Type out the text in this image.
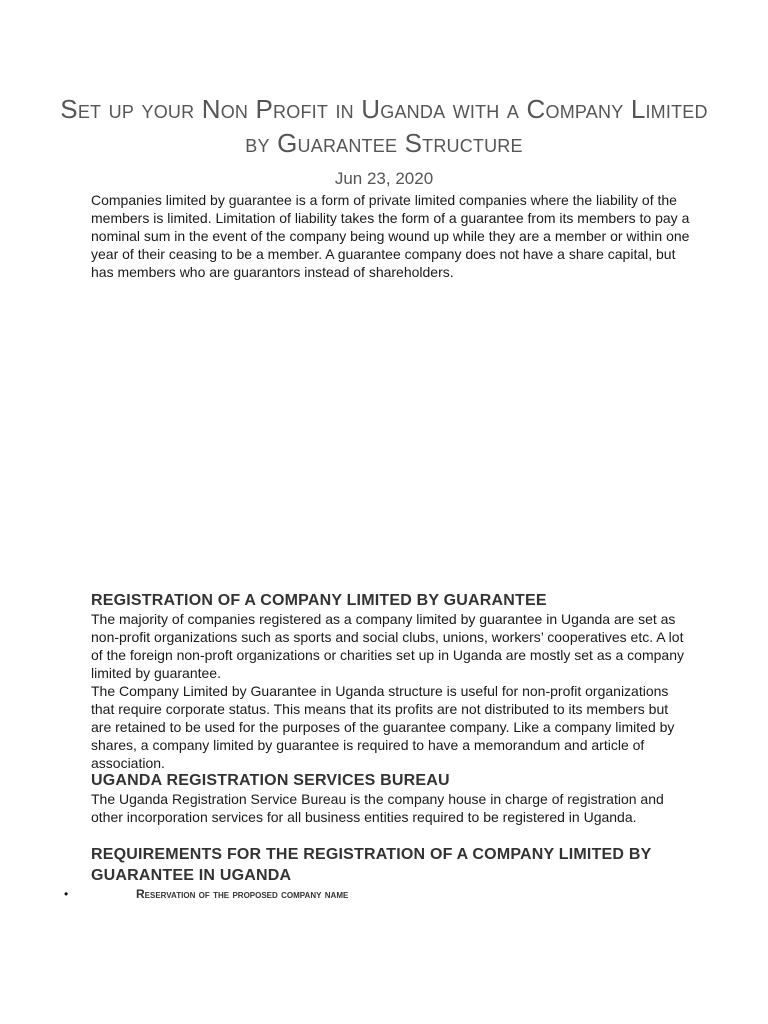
Set up your Non Profit in Uganda with a Company Limited by Guarantee Structure
Jun 23, 2020

Companies limited by guarantee is a form of private limited companies where the liability of the members is limited. Limitation of liability takes the form of a guarantee from its members to pay a nominal sum in the event of the company being wound up while they are a member or within one year of their ceasing to be a member. A guarantee company does not have a share capital, but has members who are guarantors instead of shareholders.

REGISTRATION OF A COMPANY LIMITED BY GUARANTEE

The majority of companies registered as a company limited by guarantee in Uganda are set as non-profit organizations such as sports and social clubs, unions, workers’ cooperatives etc. A lot of the foreign non-proft organizations or charities set up in Uganda are mostly set as a company limited by guarantee.

The Company Limited by Guarantee in Uganda structure is useful for non-profit organizations that require corporate status. This means that its profits are not distributed to its members but are retained to be used for the purposes of the guarantee company. Like a company limited by shares, a company limited by guarantee is required to have a memorandum and article of association.

UGANDA REGISTRATION SERVICES BUREAU

The Uganda Registration Service Bureau is the company house in charge of registration and other incorporation services for all business entities required to be registered in Uganda.

REQUIREMENTS FOR THE REGISTRATION OF A COMPANY LIMITED BY GUARANTEE IN UGANDA
•	Reservation of the proposed company name
